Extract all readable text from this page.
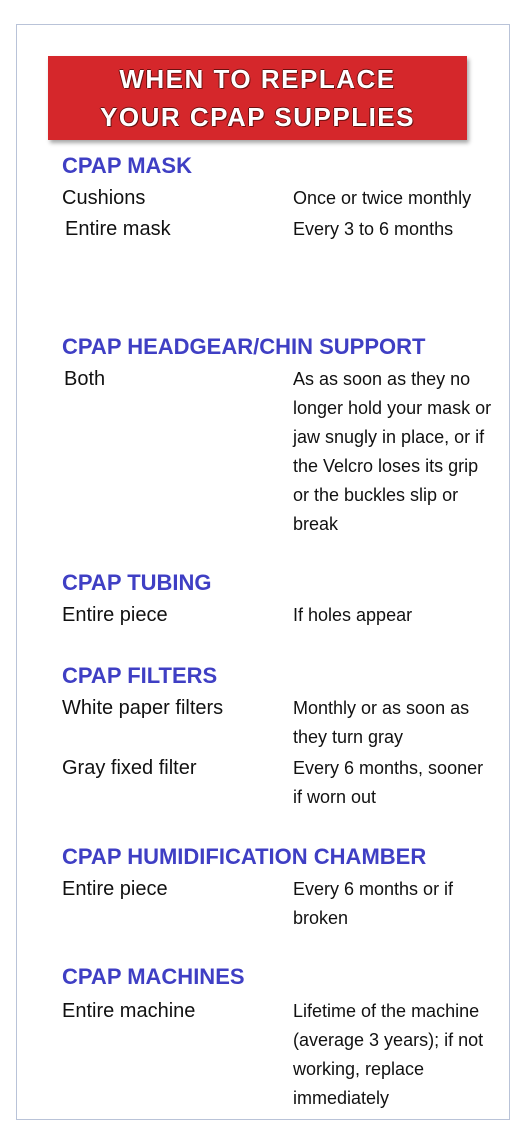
WHEN TO REPLACE
YOUR CPAP SUPPLIES
CPAP MASK
Cushions	Once or twice monthly
Entire mask	Every 3 to 6 months
CPAP HEADGEAR/CHIN SUPPORT
Both	As as soon as they no longer hold your mask or jaw snugly in place, or if the Velcro loses its grip or the buckles slip or break
CPAP TUBING
Entire piece	If holes appear
CPAP FILTERS
White paper filters	Monthly or as soon as they turn gray
Gray fixed filter	Every 6 months, sooner if worn out
CPAP HUMIDIFICATION CHAMBER
Entire piece	Every 6 months or if broken
CPAP MACHINES
Entire machine	Lifetime of the machine (average 3 years); if not working, replace immediately
